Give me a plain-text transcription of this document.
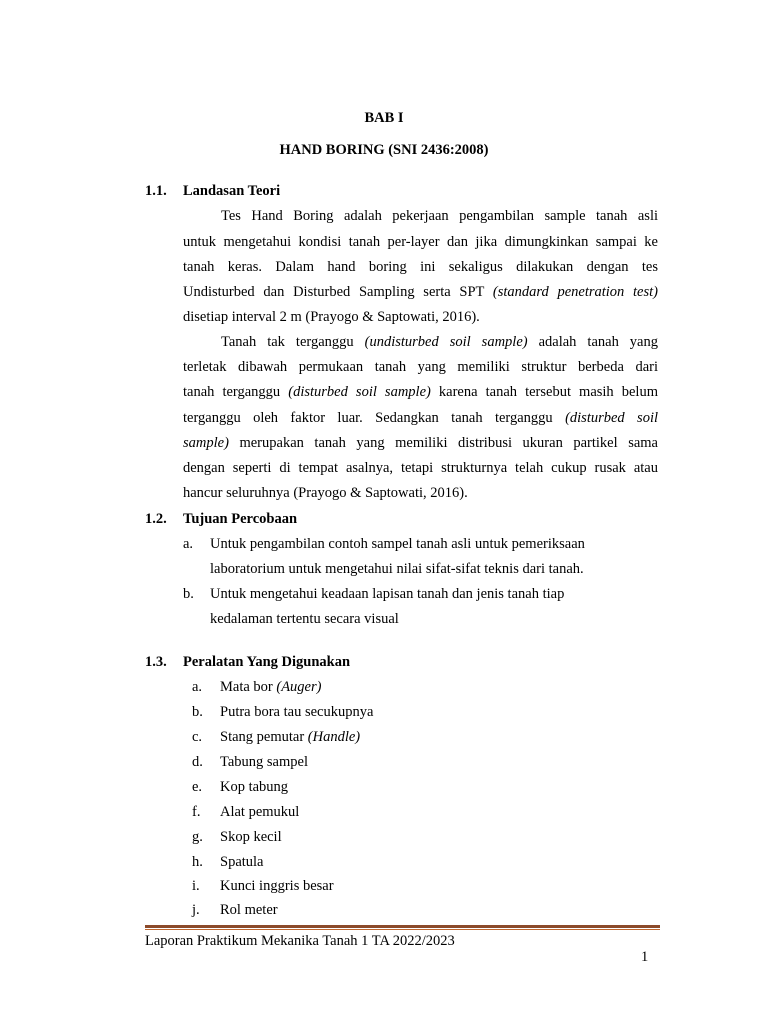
BAB I
HAND BORING (SNI 2436:2008)
1.1. Landasan Teori
Tes Hand Boring adalah pekerjaan pengambilan sample tanah asli
untuk mengetahui kondisi tanah per-layer dan jika dimungkinkan sampai ke
tanah keras. Dalam hand boring ini sekaligus dilakukan dengan tes
Undisturbed dan Disturbed Sampling serta SPT (standard penetration test)
disetiap interval 2 m (Prayogo & Saptowati, 2016).
Tanah tak terganggu (undisturbed soil sample) adalah tanah yang
terletak dibawah permukaan tanah yang memiliki struktur berbeda dari
tanah terganggu (disturbed soil sample) karena tanah tersebut masih belum
terganggu oleh faktor luar. Sedangkan tanah terganggu (disturbed soil
sample) merupakan tanah yang memiliki distribusi ukuran partikel sama
dengan seperti di tempat asalnya, tetapi strukturnya telah cukup rusak atau
hancur seluruhnya (Prayogo & Saptowati, 2016).
1.2. Tujuan Percobaan
a. Untuk pengambilan contoh sampel tanah asli untuk pemeriksaan
laboratorium untuk mengetahui nilai sifat-sifat teknis dari tanah.
b. Untuk mengetahui keadaan lapisan tanah dan jenis tanah tiap
kedalaman tertentu secara visual
1.3. Peralatan Yang Digunakan
a. Mata bor (Auger)
b. Putra bora tau secukupnya
c. Stang pemutar (Handle)
d. Tabung sampel
e. Kop tabung
f. Alat pemukul
g. Skop kecil
h. Spatula
i. Kunci inggris besar
j. Rol meter
Laporan Praktikum Mekanika Tanah 1 TA 2022/2023
1
